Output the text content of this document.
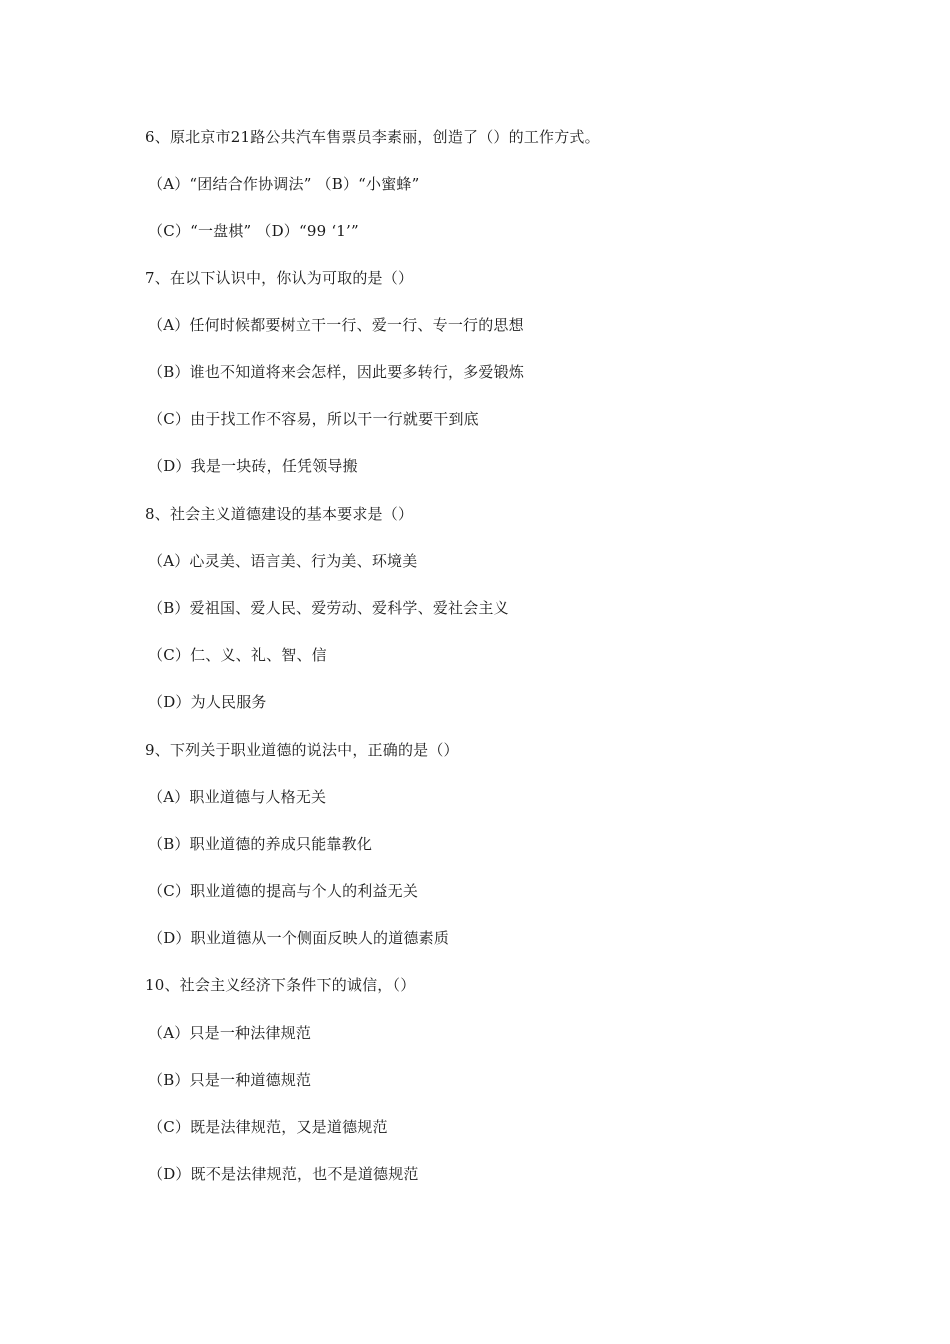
6、原北京市21路公共汽车售票员李素丽，创造了（）的工作方式。
（A）“团结合作协调法” （B）“小蜜蜂”
（C）“一盘棋” （D）“99 ‘1’”
7、在以下认识中，你认为可取的是（）
（A）任何时候都要树立干一行、爱一行、专一行的思想
（B）谁也不知道将来会怎样，因此要多转行，多爱锻炼
（C）由于找工作不容易，所以干一行就要干到底
（D）我是一块砖，任凭领导搬
8、社会主义道德建设的基本要求是（）
（A）心灵美、语言美、行为美、环境美
（B）爱祖国、爱人民、爱劳动、爱科学、爱社会主义
（C）仁、义、礼、智、信
（D）为人民服务
9、下列关于职业道德的说法中，正确的是（）
（A）职业道德与人格无关
（B）职业道德的养成只能靠教化
（C）职业道德的提高与个人的利益无关
（D）职业道德从一个侧面反映人的道德素质
10、社会主义经济下条件下的诚信，（）
（A）只是一种法律规范
（B）只是一种道德规范
（C）既是法律规范，又是道德规范
（D）既不是法律规范，也不是道德规范
